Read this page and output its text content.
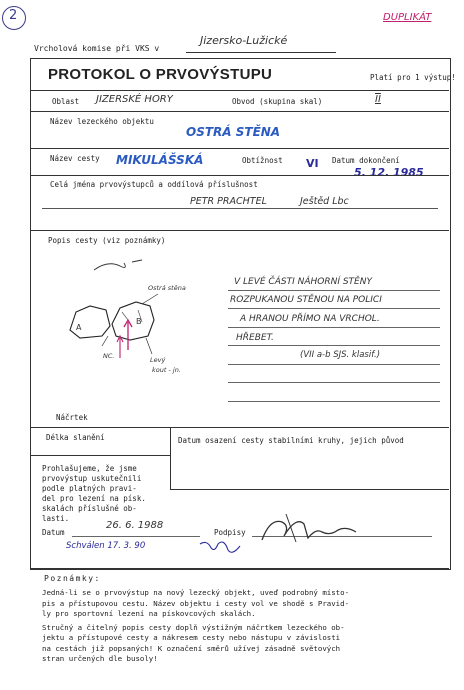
2	DUPLIKÁT
Vrcholová komise při VKS v
Jizersko-Lužické
PROTOKOL O PRVOVÝSTUPU	Platí pro 1 výstup!
Oblast JIZERSKÉ HORY	Obvod (skupina skal)	II
Název lezeckého objektu
OSTRÁ STĚNA
Název cesty MIKULÁŠSKÁ	Obtížnost VI Datum dokončení
5. 12. 1985
Celá jména prvovýstupců a oddílová příslušnost
PETR PRACHTEL	Ještěd Lbc
Popis cesty (viz poznámky)
V LEVÉ ČÁSTI NÁHORNÍ STĚNY
ROZPUKANOU STĚNOU NA POLICI
A HRANOU PŘÍMO NA VRCHOL.
HŘEBET.
(VII a-b SJS. klasif.)
Ostrá stěna
A
B
NC.	Levý
kout - jn.
Náčrtek
Délka slanění	Datum osazení cesty stabilními kruhy, jejich původ
Prohlašujeme, že jsme
prvovýstup uskutečnili
podle platných pravi-
del pro lezení na písk.
skalách příslušné ob-
lasti.
Datum
26. 6. 1988
Podpisy
Schválen 17. 3. 90
Poznámky:
Jedná-li se o prvovýstup na nový lezecký objekt, uveď podrobný místo-
pis a přístupovou cestu. Název objektu i cesty vol ve shodě s Pravid-
ly pro sportovní lezení na pískovcových skalách.
Stručný a čitelný popis cesty doplň výstižným náčrtkem lezeckého ob-
jektu a přístupové cesty a nákresem cesty nebo nástupu v závislosti
na cestách již popsaných! K označení směrů užívej zásadně světových
stran určených dle busoly!
